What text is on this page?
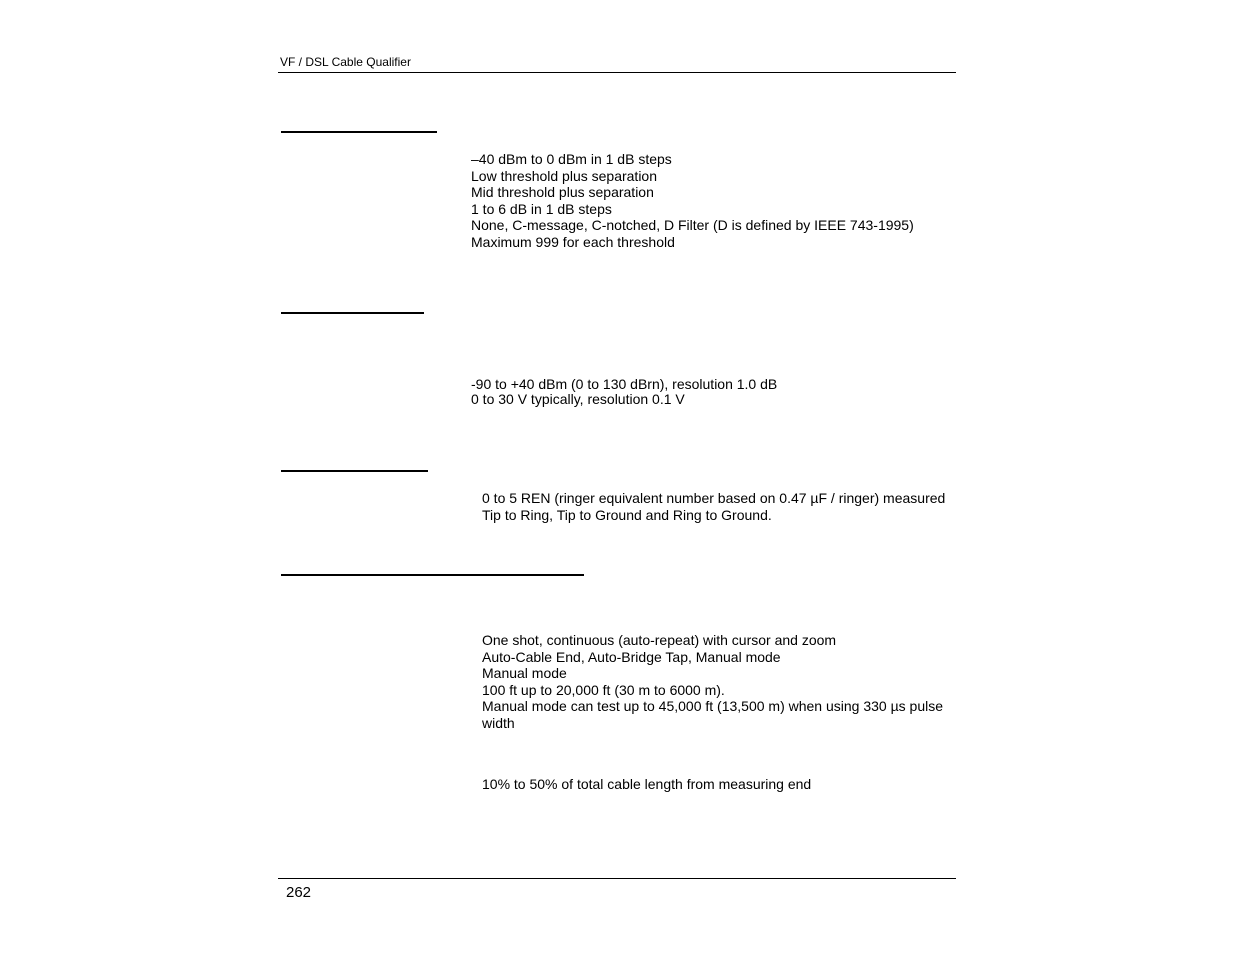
VF / DSL Cable Qualifier
–40 dBm to 0 dBm in 1 dB steps
Low threshold plus separation
Mid threshold plus separation
1 to 6 dB in 1 dB steps
None, C-message, C-notched, D Filter (D is defined by IEEE 743-1995)
Maximum 999 for each threshold
-90 to +40 dBm (0 to 130 dBrn), resolution 1.0 dB
0 to 30 V typically, resolution 0.1 V
0 to 5 REN (ringer equivalent number based on 0.47 µF / ringer) measured
Tip to Ring, Tip to Ground and Ring to Ground.
One shot, continuous (auto-repeat) with cursor and zoom
Auto-Cable End, Auto-Bridge Tap, Manual mode
Manual mode
100 ft up to 20,000 ft (30 m to 6000 m).
Manual mode can test up to 45,000 ft (13,500 m) when using 330 µs pulse
width
10% to 50% of total cable length from measuring end
262
